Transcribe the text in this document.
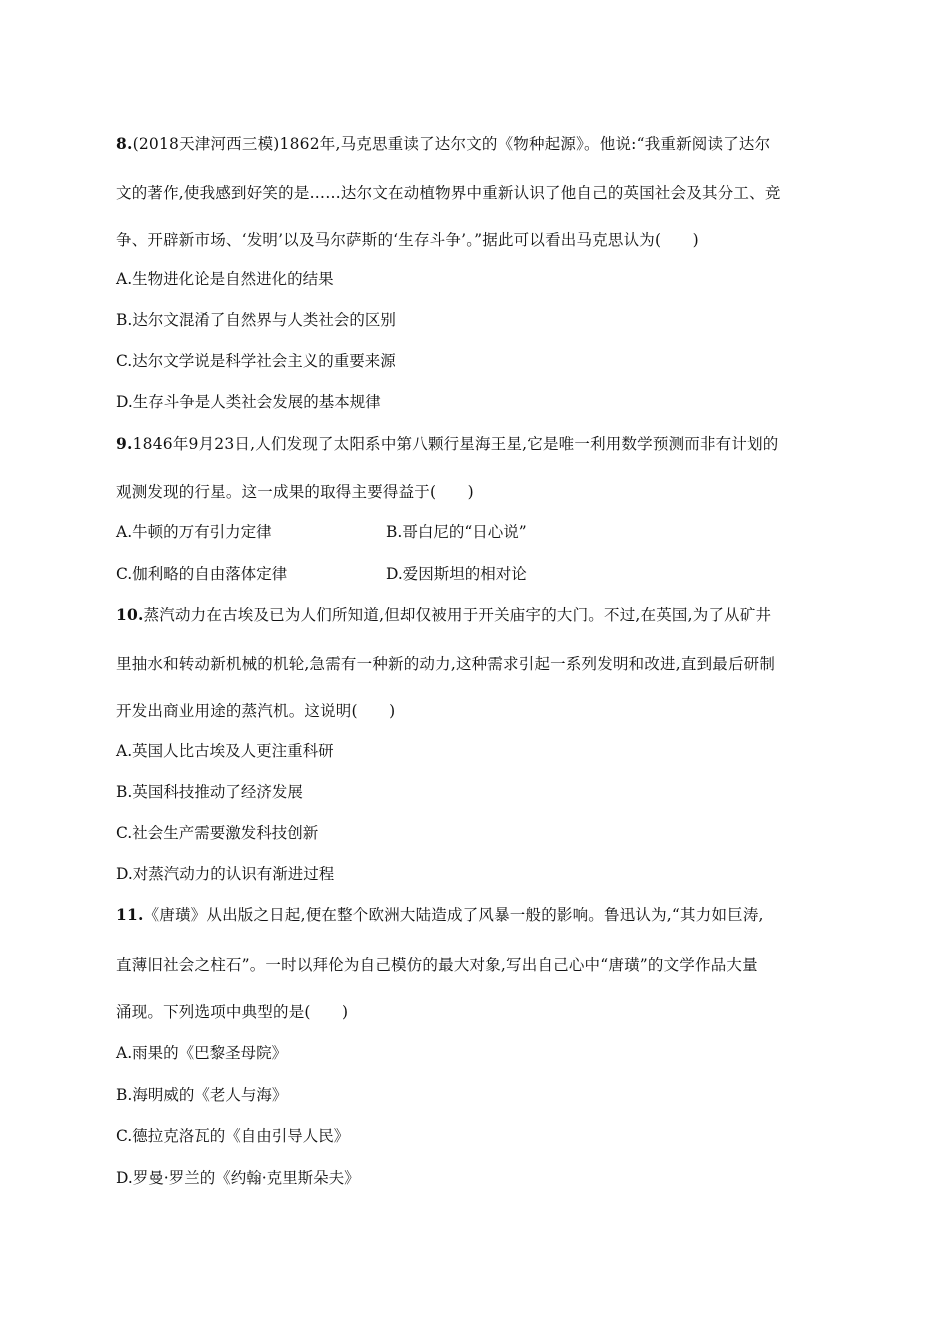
8.(2018天津河西三模)1862年,马克思重读了达尔文的《物种起源》。他说:“我重新阅读了达尔
文的著作,使我感到好笑的是……达尔文在动植物界中重新认识了他自己的英国社会及其分工、竞
争、开辟新市场、‘发明’以及马尔萨斯的‘生存斗争’。”据此可以看出马克思认为(　　)
A.生物进化论是自然进化的结果
B.达尔文混淆了自然界与人类社会的区别
C.达尔文学说是科学社会主义的重要来源
D.生存斗争是人类社会发展的基本规律
9.1846年9月23日,人们发现了太阳系中第八颗行星海王星,它是唯一利用数学预测而非有计划的
观测发现的行星。这一成果的取得主要得益于(　　)
A.牛顿的万有引力定律	B.哥白尼的“日心说”
C.伽利略的自由落体定律	D.爱因斯坦的相对论
10.蒸汽动力在古埃及已为人们所知道,但却仅被用于开关庙宇的大门。不过,在英国,为了从矿井
里抽水和转动新机械的机轮,急需有一种新的动力,这种需求引起一系列发明和改进,直到最后研制
开发出商业用途的蒸汽机。这说明(　　)
A.英国人比古埃及人更注重科研
B.英国科技推动了经济发展
C.社会生产需要激发科技创新
D.对蒸汽动力的认识有渐进过程
11.《唐璜》从出版之日起,便在整个欧洲大陆造成了风暴一般的影响。鲁迅认为,“其力如巨涛,
直薄旧社会之柱石”。一时以拜伦为自己模仿的最大对象,写出自己心中“唐璜”的文学作品大量
涌现。下列选项中典型的是(　　)
A.雨果的《巴黎圣母院》
B.海明威的《老人与海》
C.德拉克洛瓦的《自由引导人民》
D.罗曼·罗兰的《约翰·克里斯朵夫》
